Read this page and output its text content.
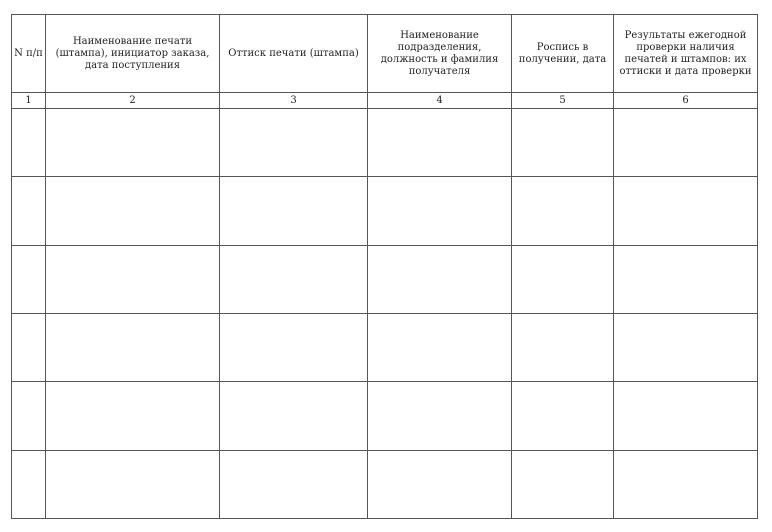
N п/п	Наименование печати (штампа), инициатор заказа, дата поступления	Оттиск печати (штампа)	Наименование подразделения, должность и фамилия получателя	Роспись в получении, дата	Результаты ежегодной проверки наличия печатей и штампов: их оттиски и дата проверки
1	2	3	4	5	6
